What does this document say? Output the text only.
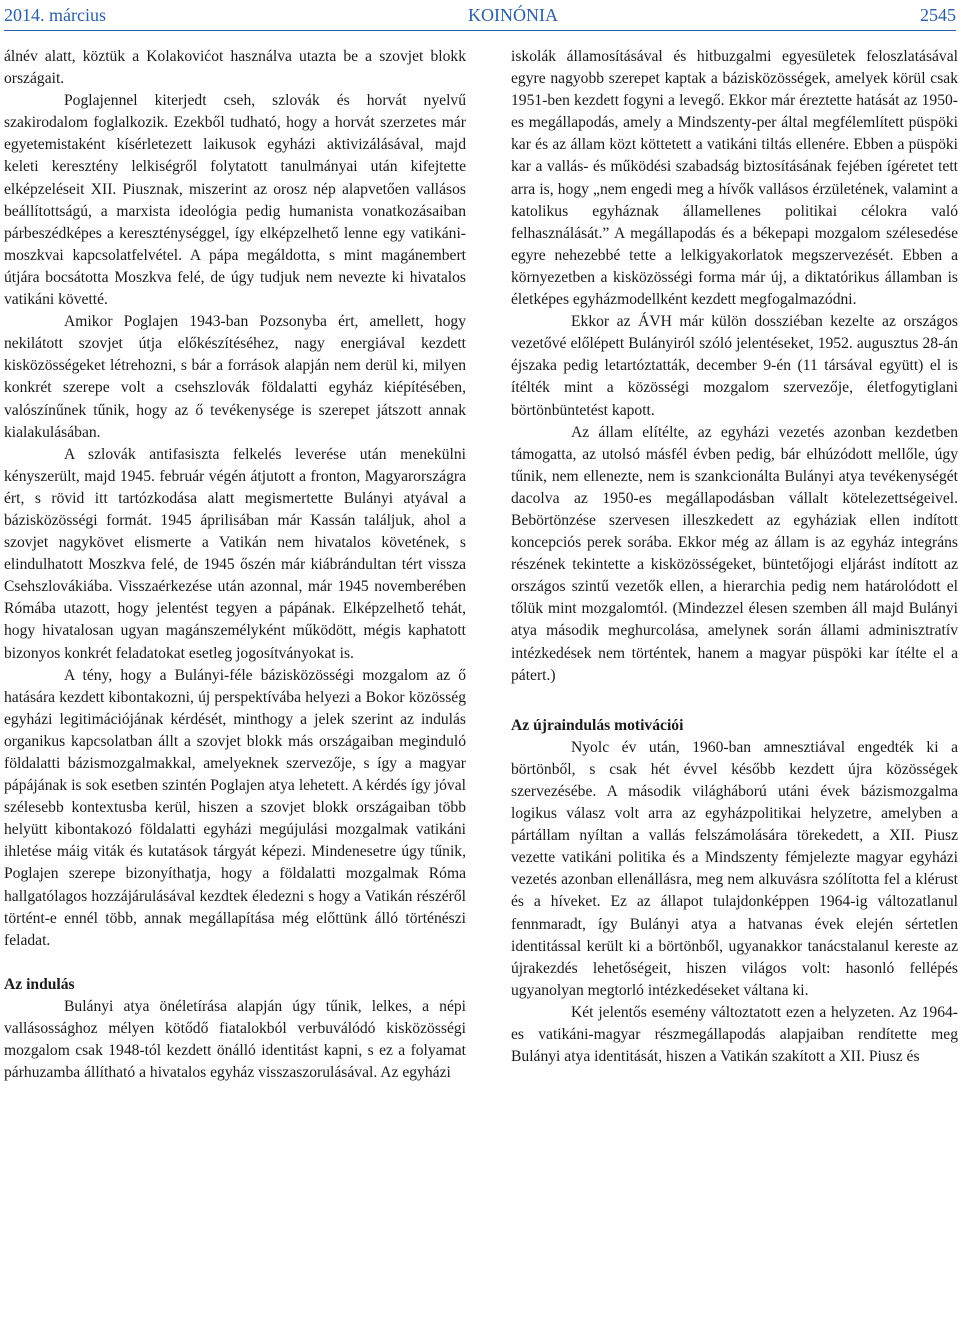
2014. március	KOINÓNIA	2545

álnév alatt, köztük a Kolakovićot használva utazta be a szovjet blokk országait.

Poglajennel kiterjedt cseh, szlovák és horvát nyelvű szakirodalom foglalkozik. Ezekből tudható, hogy a horvát szerzetes már egyetemistaként kísérletezett laikusok egyházi aktivizálásával, majd keleti keresztény lelkiségről folytatott tanulmányai után kifejtette elképzeléseit XII. Piusznak, miszerint az orosz nép alapvetően vallásos beállítottságú, a marxista ideológia pedig humanista vonatkozásaiban párbeszédképes a kereszténységgel, így elképzelhető lenne egy vatikáni-moszkvai kapcsolatfelvétel. A pápa megáldotta, s mint magánembert útjára bocsátotta Moszkva felé, de úgy tudjuk nem nevezte ki hivatalos vatikáni követté.

Amikor Poglajen 1943-ban Pozsonyba ért, amellett, hogy nekilátott szovjet útja előkészítéséhez, nagy energiával kezdett kisközösségeket létrehozni, s bár a források alapján nem derül ki, milyen konkrét szerepe volt a csehszlovák földalatti egyház kiépítésében, valószínűnek tűnik, hogy az ő tevékenysége is szerepet játszott annak kialakulásában.

A szlovák antifasiszta felkelés leverése után menekülni kényszerült, majd 1945. február végén átjutott a fronton, Magyarországra ért, s rövid itt tartózkodása alatt megismertette Bulányi atyával a bázisközösségi formát. 1945 áprilisában már Kassán találjuk, ahol a szovjet nagykövet elismerte a Vatikán nem hivatalos követének, s elindulhatott Moszkva felé, de 1945 őszén már kiábrándultan tért vissza Csehszlovákiába. Visszaérkezése után azonnal, már 1945 novemberében Rómába utazott, hogy jelentést tegyen a pápának. Elképzelhető tehát, hogy hivatalosan ugyan magánszemélyként működött, mégis kaphatott bizonyos konkrét feladatokat esetleg jogosítványokat is.

A tény, hogy a Bulányi-féle bázisközösségi mozgalom az ő hatására kezdett kibontakozni, új perspektívába helyezi a Bokor közösség egyházi legitimációjának kérdését, minthogy a jelek szerint az indulás organikus kapcsolatban állt a szovjet blokk más országaiban meginduló földalatti bázismozgalmakkal, amelyeknek szervezője, s így a magyar pápájának is sok esetben szintén Poglajen atya lehetett. A kérdés így jóval szélesebb kontextusba kerül, hiszen a szovjet blokk országaiban több helyütt kibontakozó földalatti egyházi megújulási mozgalmak vatikáni ihletése máig viták és kutatások tárgyát képezi. Mindenesetre úgy tűnik, Poglajen szerepe bizonyíthatja, hogy a földalatti mozgalmak Róma hallgatólagos hozzájárulásával kezdtek éledezni s hogy a Vatikán részéről történt-e ennél több, annak megállapítása még előttünk álló történészi feladat.

Az indulás

Bulányi atya önéletírása alapján úgy tűnik, lelkes, a népi vallásossághoz mélyen kötődő fiatalokból verbuválódó kisközösségi mozgalom csak 1948-tól kezdett önálló identitást kapni, s ez a folyamat párhuzamba állítható a hivatalos egyház visszaszorulásával. Az egyházi

iskolák államosításával és hitbuzgalmi egyesületek feloszlatásával egyre nagyobb szerepet kaptak a bázisközösségek, amelyek körül csak 1951-ben kezdett fogyni a levegő. Ekkor már éreztette hatását az 1950-es megállapodás, amely a Mindszenty-per által megfélemlített püspöki kar és az állam közt köttetett a vatikáni tiltás ellenére. Ebben a püspöki kar a vallás- és működési szabadság biztosításának fejében ígéretet tett arra is, hogy „nem engedi meg a hívők vallásos érzületének, valamint a katolikus egyháznak államellenes politikai célokra való felhasználását.” A megállapodás és a békepapi mozgalom szélesedése egyre nehezebbé tette a lelkigyakorlatok megszervezését. Ebben a környezetben a kisközösségi forma már új, a diktatórikus államban is életképes egyházmodellként kezdett megfogalmazódni.

Ekkor az ÁVH már külön dossziéban kezelte az országos vezetővé előlépett Bulányiról szóló jelentéseket, 1952. augusztus 28-án éjszaka pedig letartóztatták, december 9-én (11 társával együtt) el is ítélték mint a közösségi mozgalom szervezője, életfogytiglani börtönbüntetést kapott.

Az állam elítélte, az egyházi vezetés azonban kezdetben támogatta, az utolsó másfél évben pedig, bár elhúzódott mellőle, úgy tűnik, nem ellenezte, nem is szankcionálta Bulányi atya tevékenységét dacolva az 1950-es megállapodásban vállalt kötelezettségeivel. Bebörtönzése szervesen illeszkedett az egyháziak ellen indított koncepciós perek sorába. Ekkor még az állam is az egyház integráns részének tekintette a kisközösségeket, büntetőjogi eljárást indított az országos szintű vezetők ellen, a hierarchia pedig nem határolódott el tőlük mint mozgalomtól. (Mindezzel élesen szemben áll majd Bulányi atya második meghurcolása, amelynek során állami adminisztratív intézkedések nem történtek, hanem a magyar püspöki kar ítélte el a pátert.)

Az újraindulás motivációi

Nyolc év után, 1960-ban amnesztiával engedték ki a börtönből, s csak hét évvel később kezdett újra közösségek szervezésébe. A második világháború utáni évek bázismozgalma logikus válasz volt arra az egyházpolitikai helyzetre, amelyben a pártállam nyíltan a vallás felszámolására törekedett, a XII. Piusz vezette vatikáni politika és a Mindszenty fémjelezte magyar egyházi vezetés azonban ellenállásra, meg nem alkuvásra szólította fel a klérust és a híveket. Ez az állapot tulajdonképpen 1964-ig változatlanul fennmaradt, így Bulányi atya a hatvanas évek elején sértetlen identitással került ki a börtönből, ugyanakkor tanácstalanul kereste az újrakezdés lehetőségeit, hiszen világos volt: hasonló fellépés ugyanolyan megtorló intézkedéseket váltana ki.

Két jelentős esemény változtatott ezen a helyzeten. Az 1964-es vatikáni-magyar részmegállapodás alapjaiban rendítette meg Bulányi atya identitását, hiszen a Vatikán szakított a XII. Piusz és
